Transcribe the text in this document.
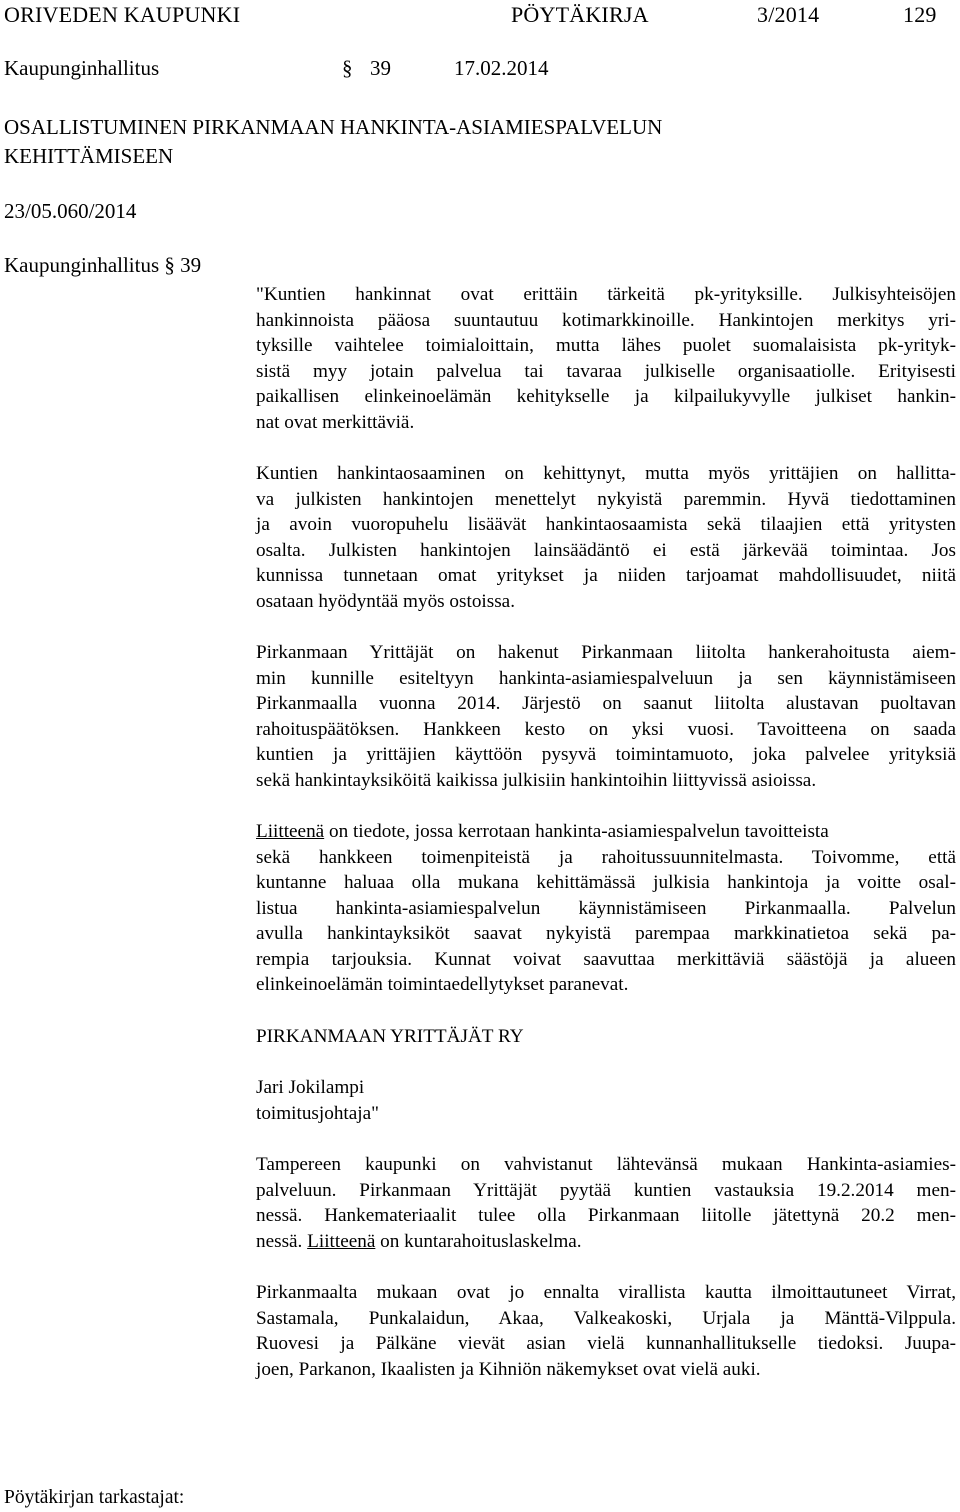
ORIVEDEN KAUPUNKI	PÖYTÄKIRJA	3/2014	129
Kaupunginhallitus	§ 39	17.02.2014
OSALLISTUMINEN PIRKANMAAN HANKINTA-ASIAMIESPALVELUN
KEHITTÄMISEEN
23/05.060/2014
Kaupunginhallitus § 39
"Kuntien hankinnat ovat erittäin tärkeitä pk-yrityksille. Julkisyhteisöjen
hankinnoista pääosa suuntautuu kotimarkkinoille. Hankintojen merkitys yri-
tyksille vaihtelee toimialoittain, mutta lähes puolet suomalaisista pk-yrityk-
sistä myy jotain palvelua tai tavaraa julkiselle organisaatiolle. Erityisesti
paikallisen elinkeinoelämän kehitykselle ja kilpailukyvylle julkiset hankin-
nat ovat merkittäviä.
Kuntien hankintaosaaminen on kehittynyt, mutta myös yrittäjien on hallitta-
va julkisten hankintojen menettelyt nykyistä paremmin. Hyvä tiedottaminen
ja avoin vuoropuhelu lisäävät hankintaosaamista sekä tilaajien että yritysten
osalta. Julkisten hankintojen lainsäädäntö ei estä järkevää toimintaa. Jos
kunnissa tunnetaan omat yritykset ja niiden tarjoamat mahdollisuudet, niitä
osataan hyödyntää myös ostoissa.
Pirkanmaan Yrittäjät on hakenut Pirkanmaan liitolta hankerahoitusta aiem-
min kunnille esiteltyyn hankinta-asiamiespalveluun ja sen käynnistämiseen
Pirkanmaalla vuonna 2014. Järjestö on saanut liitolta alustavan puoltavan
rahoituspäätöksen. Hankkeen kesto on yksi vuosi. Tavoitteena on saada
kuntien ja yrittäjien käyttöön pysyvä toimintamuoto, joka palvelee yrityksiä
sekä hankintayksiköitä kaikissa julkisiin hankintoihin liittyvissä asioissa.
Liitteenä on tiedote, jossa kerrotaan hankinta-asiamiespalvelun tavoitteista
sekä hankkeen toimenpiteistä ja rahoitussuunnitelmasta. Toivomme, että
kuntanne haluaa olla mukana kehittämässä julkisia hankintoja ja voitte osal-
listua hankinta-asiamiespalvelun käynnistämiseen Pirkanmaalla. Palvelun
avulla hankintayksiköt saavat nykyistä parempaa markkinatietoa sekä pa-
rempia tarjouksia. Kunnat voivat saavuttaa merkittäviä säästöjä ja alueen
elinkeinoelämän toimintaedellytykset paranevat.
PIRKANMAAN YRITTÄJÄT RY
Jari Jokilampi
toimitusjohtaja"
Tampereen kaupunki on vahvistanut lähtevänsä mukaan Hankinta-asiamies-
palveluun. Pirkanmaan Yrittäjät pyytää kuntien vastauksia 19.2.2014 men-
nessä. Hankemateriaalit tulee olla Pirkanmaan liitolle jätettynä 20.2 men-
nessä. Liitteenä on kuntarahoituslaskelma.
Pirkanmaalta mukaan ovat jo ennalta virallista kautta ilmoittautuneet Virrat,
Sastamala, Punkalaidun, Akaa, Valkeakoski, Urjala ja Mänttä-Vilppula.
Ruovesi ja Pälkäne vievät asian vielä kunnanhallitukselle tiedoksi. Juupa-
joen, Parkanon, Ikaalisten ja Kihniön näkemykset ovat vielä auki.
Pöytäkirjan tarkastajat:
